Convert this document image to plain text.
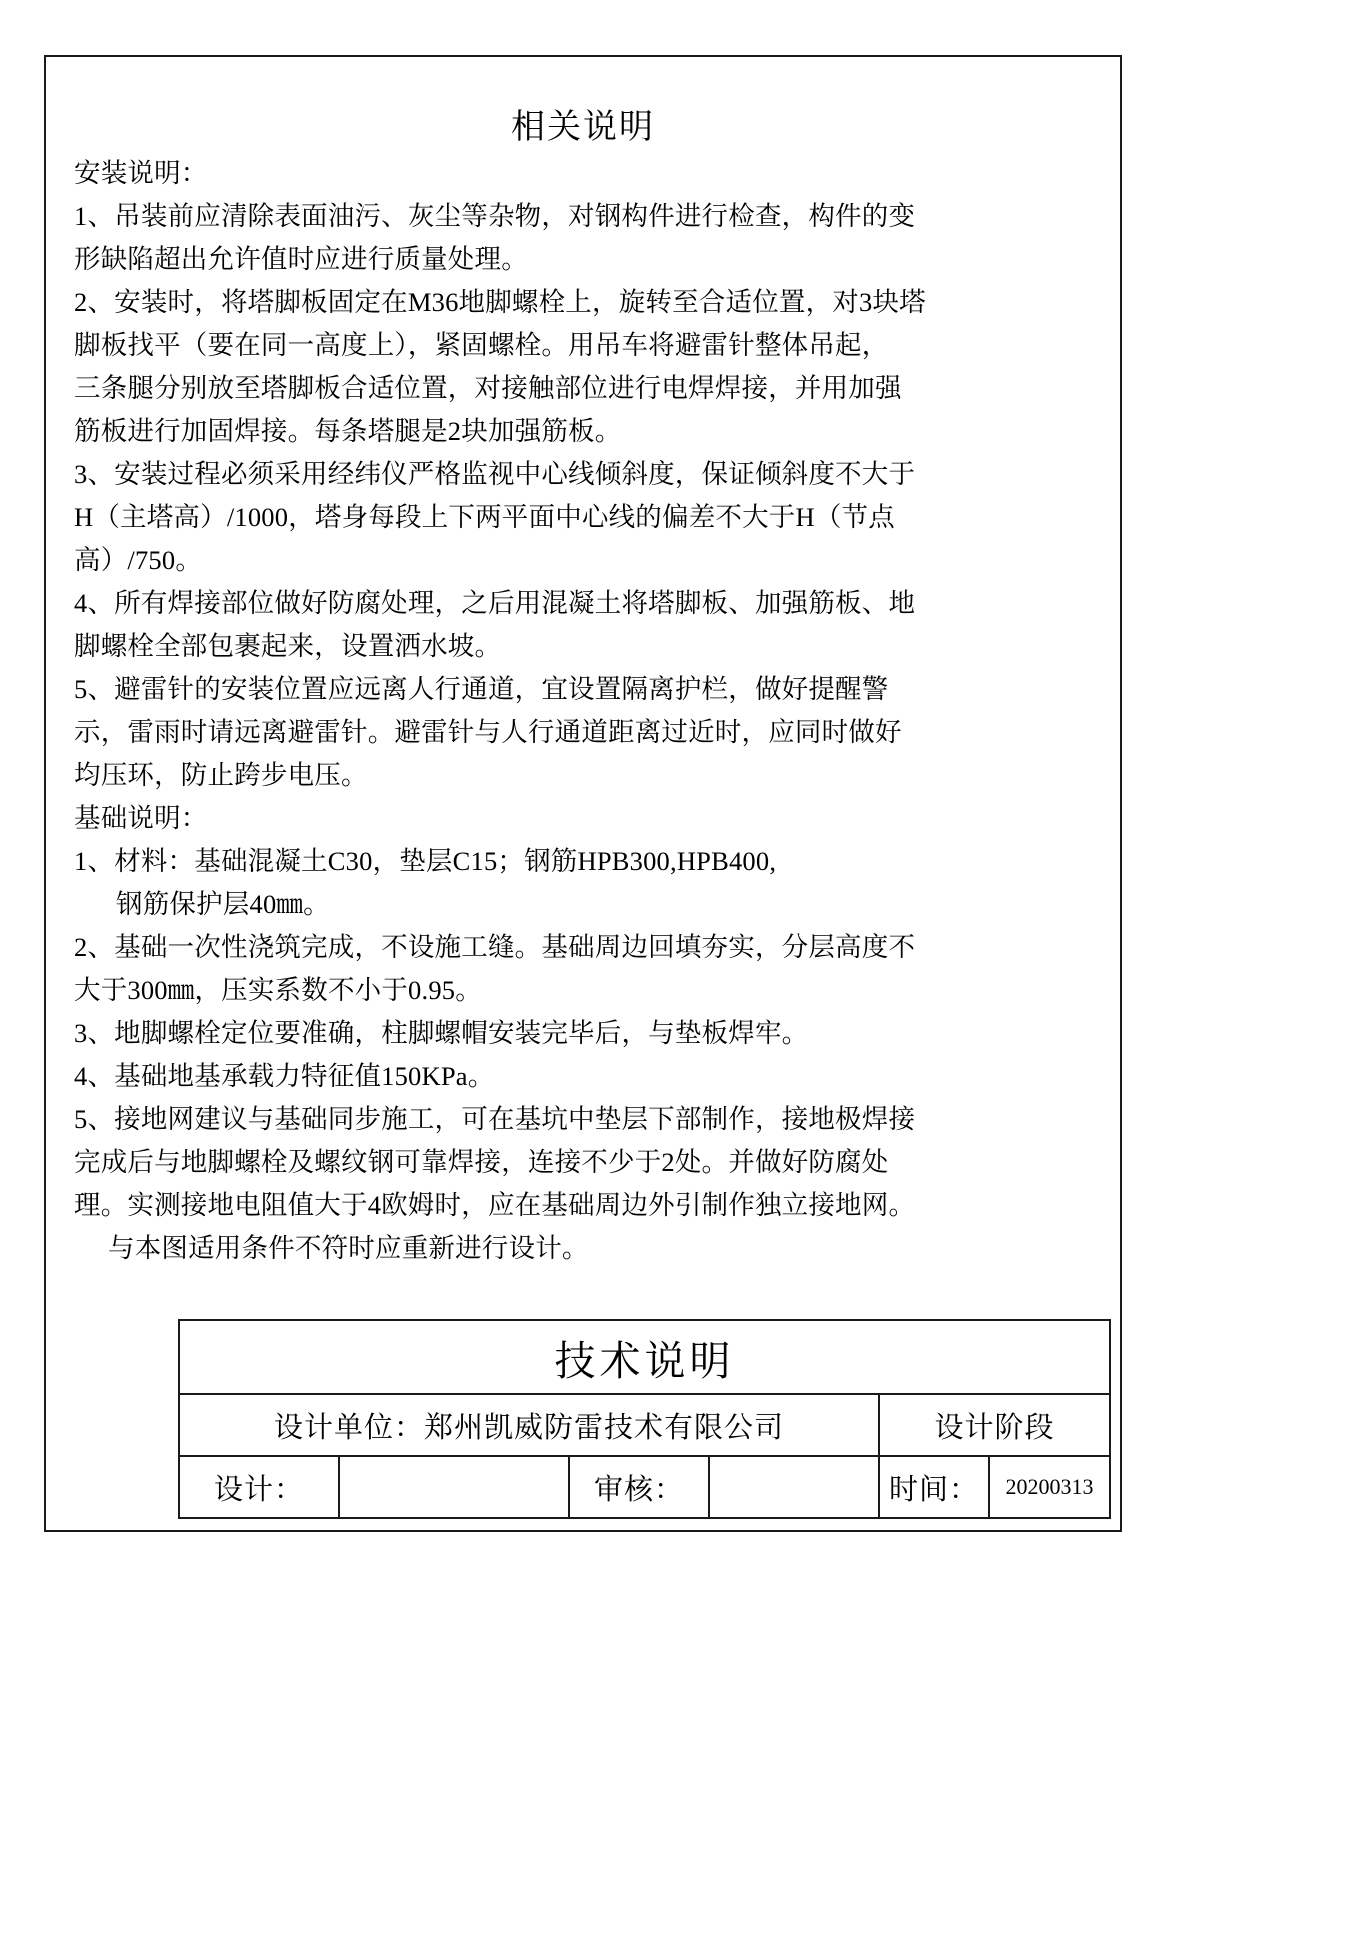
相关说明
安装说明：
1、吊装前应清除表面油污、灰尘等杂物，对钢构件进行检查，构件的变
形缺陷超出允许值时应进行质量处理。
2、安装时，将塔脚板固定在M36地脚螺栓上，旋转至合适位置，对3块塔
脚板找平（要在同一高度上），紧固螺栓。用吊车将避雷针整体吊起，
三条腿分别放至塔脚板合适位置，对接触部位进行电焊焊接，并用加强
筋板进行加固焊接。每条塔腿是2块加强筋板。
3、安装过程必须采用经纬仪严格监视中心线倾斜度，保证倾斜度不大于
H（主塔高）/1000，塔身每段上下两平面中心线的偏差不大于H（节点
高）/750。
4、所有焊接部位做好防腐处理，之后用混凝土将塔脚板、加强筋板、地
脚螺栓全部包裹起来，设置洒水坡。
5、避雷针的安装位置应远离人行通道，宜设置隔离护栏，做好提醒警
示，雷雨时请远离避雷针。避雷针与人行通道距离过近时，应同时做好
均压环，防止跨步电压。
基础说明：
1、材料：基础混凝土C30，垫层C15；钢筋HPB300,HPB400,
钢筋保护层40㎜。
2、基础一次性浇筑完成，不设施工缝。基础周边回填夯实，分层高度不
大于300㎜，压实系数不小于0.95。
3、地脚螺栓定位要准确，柱脚螺帽安装完毕后，与垫板焊牢。
4、基础地基承载力特征值150KPa。
5、接地网建议与基础同步施工，可在基坑中垫层下部制作，接地极焊接
完成后与地脚螺栓及螺纹钢可靠焊接，连接不少于2处。并做好防腐处
理。实测接地电阻值大于4欧姆时，应在基础周边外引制作独立接地网。
与本图适用条件不符时应重新进行设计。
技术说明					
设计单位：郑州凯威防雷技术有限公司				设计阶段	
设计：		审核：		时间：	20200313
